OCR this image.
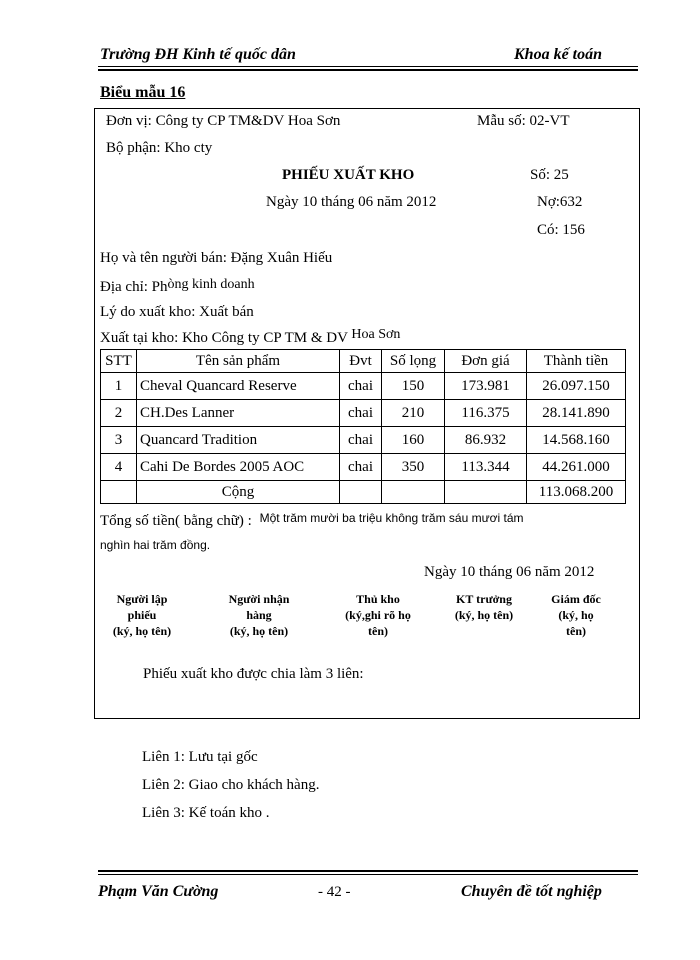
Trường ĐH Kinh tế quốc dân	Khoa kế toán
Biểu mẫu 16
Đơn vị: Công ty CP TM&DV Hoa Sơn	Mẫu số: 02-VT
Bộ phận: Kho cty
PHIẾU XUẤT KHO	Số: 25
Ngày 10 tháng 06 năm 2012	Nợ:632
Có: 156
Họ và tên người bán: Đặng Xuân Hiếu
Địa chỉ: Phòng kinh doanh
Lý do xuất kho: Xuất bán
Xuất tại kho: Kho Công ty CP TM & DV Hoa Sơn
STT	Tên sản phẩm	Đvt	Số lọng	Đơn giá	Thành tiền
1	Cheval Quancard Reserve	chai	150	173.981	26.097.150
2	CH.Des Lanner	chai	210	116.375	28.141.890
3	Quancard Tradition	chai	160	86.932	14.568.160
4	Cahi De Bordes 2005 AOC	chai	350	113.344	44.261.000
	Cộng				113.068.200
Tổng số tiền( bằng chữ) : $^{Một trăm mười ba triệu không trăm sáu mươi tám}$
nghìn hai trăm đồng.
Ngày 10 tháng 06 năm 2012
Người lập
phiếu
(ký, họ tên)
Người nhận
hàng
(ký, họ tên)
Thủ kho
(ký,ghi rõ họ
tên)
KT trưởng
(ký, họ tên)
Giám đốc
(ký, họ
tên)
Phiếu xuất kho được chia làm 3 liên:
Liên 1: Lưu tại gốc
Liên 2: Giao cho khách hàng.
Liên 3: Kế toán kho .
Phạm Văn Cường	- 42 -	Chuyên đề tốt nghiệp
